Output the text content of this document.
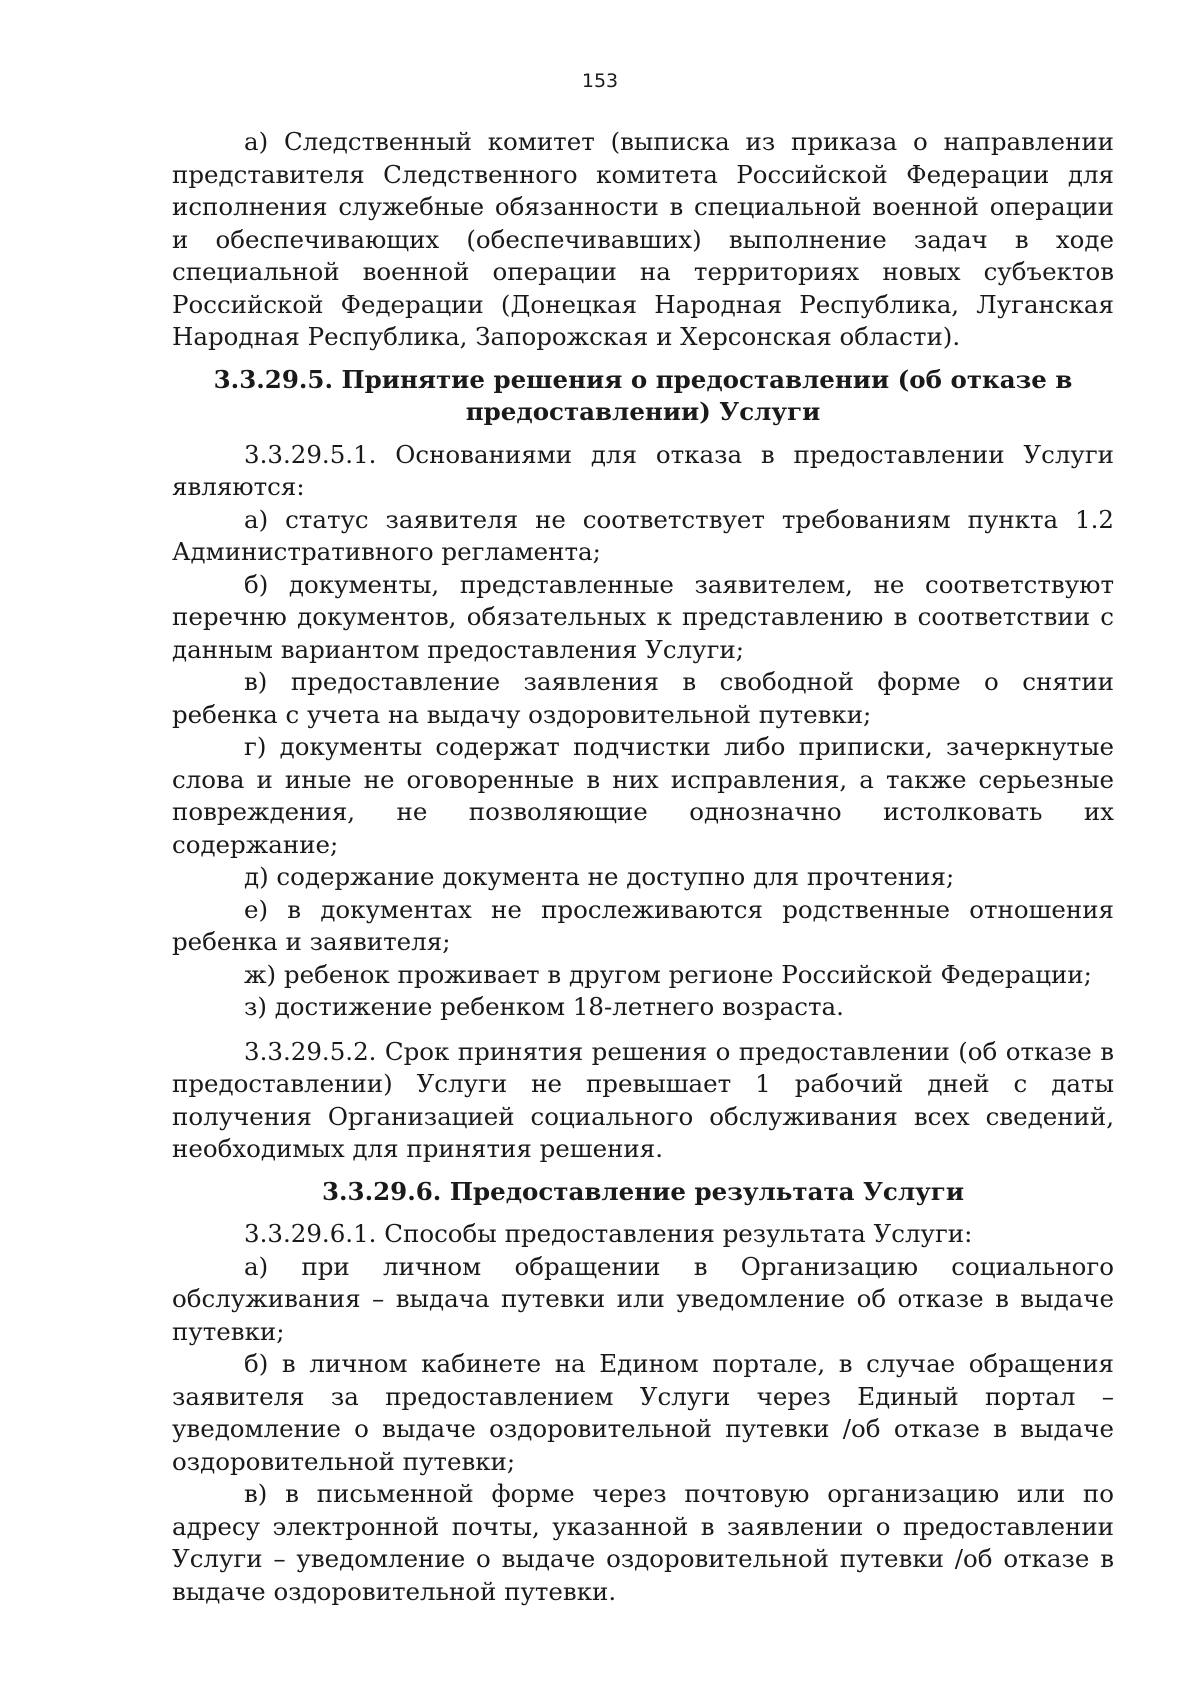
153

а) Следственный комитет (выписка из приказа о направлении представителя Следственного комитета Российской Федерации для исполнения служебные обязанности в специальной военной операции и обеспечивающих (обеспечивавших) выполнение задач в ходе специальной военной операции на территориях новых субъектов Российской Федерации (Донецкая Народная Республика, Луганская Народная Республика, Запорожская и Херсонская области).

3.3.29.5. Принятие решения о предоставлении (об отказе в предоставлении) Услуги

3.3.29.5.1. Основаниями для отказа в предоставлении Услуги являются:

а) статус заявителя не соответствует требованиям пункта 1.2 Административного регламента;

б) документы, представленные заявителем, не соответствуют перечню документов, обязательных к представлению в соответствии с данным вариантом предоставления Услуги;

в) предоставление заявления в свободной форме о снятии ребенка с учета на выдачу оздоровительной путевки;

г) документы содержат подчистки либо приписки, зачеркнутые слова и иные не оговоренные в них исправления, а также серьезные повреждения, не позволяющие однозначно истолковать их содержание;

д) содержание документа не доступно для прочтения;

е) в документах не прослеживаются родственные отношения ребенка и заявителя;

ж) ребенок проживает в другом регионе Российской Федерации;

з) достижение ребенком 18-летнего возраста.

3.3.29.5.2. Срок принятия решения о предоставлении (об отказе в предоставлении) Услуги не превышает 1 рабочий дней с даты получения Организацией социального обслуживания всех сведений, необходимых для принятия решения.

3.3.29.6. Предоставление результата Услуги

3.3.29.6.1. Способы предоставления результата Услуги:

а) при личном обращении в Организацию социального обслуживания – выдача путевки или уведомление об отказе в выдаче путевки;

б) в личном кабинете на Едином портале, в случае обращения заявителя за предоставлением Услуги через Единый портал – уведомление о выдаче оздоровительной путевки /об отказе в выдаче оздоровительной путевки;

в) в письменной форме через почтовую организацию или по адресу электронной почты, указанной в заявлении о предоставлении Услуги – уведомление о выдаче оздоровительной путевки /об отказе в выдаче оздоровительной путевки.
